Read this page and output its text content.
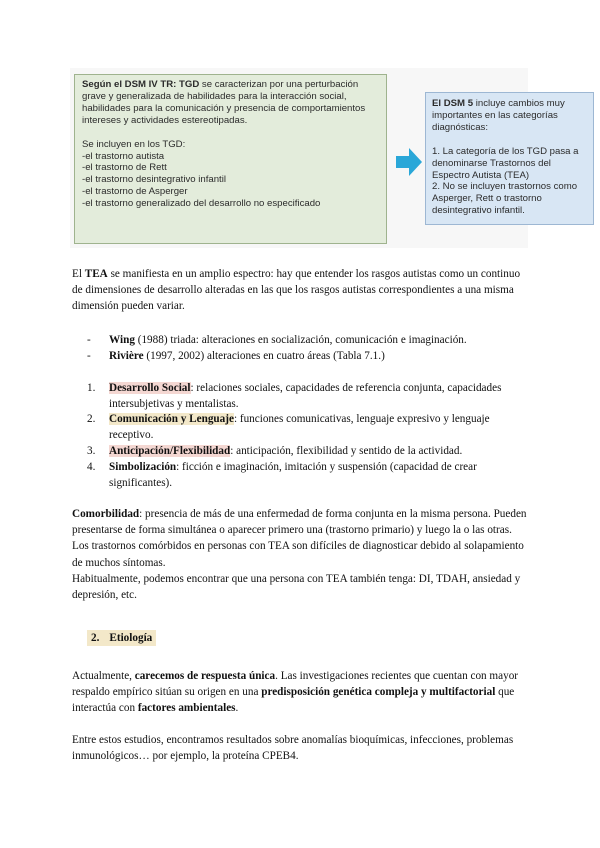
Según el DSM IV TR: TGD se caracterizan por una perturbación grave y generalizada de habilidades para la interacción social, habilidades para la comunicación y presencia de comportamientos intereses y actividades estereotipadas.

Se incluyen en los TGD:

-el trastorno autista

-el trastorno de Rett

-el trastorno desintegrativo infantil

-el trastorno de Asperger

-el trastorno generalizado del desarrollo no especificado

El DSM 5 incluye cambios muy importantes en las categorías diagnósticas:

1. La categoría de los TGD pasa a denominarse Trastornos del Espectro Autista (TEA)

2. No se incluyen trastornos como Asperger, Rett o trastorno desintegrativo infantil.

El TEA se manifiesta en un amplio espectro: hay que entender los rasgos autistas como un continuo de dimensiones de desarrollo alteradas en las que los rasgos autistas correspondientes a una misma dimensión pueden variar.

- Wing (1988) triada: alteraciones en socialización, comunicación e imaginación.

- Rivière (1997, 2002) alteraciones en cuatro áreas (Tabla 7.1.)

1.	Desarrollo Social: relaciones sociales, capacidades de referencia conjunta, capacidades intersubjetivas y mentalistas.
2.	Comunicación y Lenguaje: funciones comunicativas, lenguaje expresivo y lenguaje receptivo.
3.	Anticipación/Flexibilidad: anticipación, flexibilidad y sentido de la actividad.
4.	Simbolización: ficción e imaginación, imitación y suspensión (capacidad de crear significantes).

Comorbilidad: presencia de más de una enfermedad de forma conjunta en la misma persona. Pueden presentarse de forma simultánea o aparecer primero una (trastorno primario) y luego la o las otras.

Los trastornos comórbidos en personas con TEA son difíciles de diagnosticar debido al solapamiento de muchos síntomas.

Habitualmente, podemos encontrar que una persona con TEA también tenga: DI, TDAH, ansiedad y depresión, etc.

2. Etiología

Actualmente, carecemos de respuesta única. Las investigaciones recientes que cuentan con mayor respaldo empírico sitúan su origen en una predisposición genética compleja y multifactorial que interactúa con factores ambientales.

Entre estos estudios, encontramos resultados sobre anomalías bioquímicas, infecciones, problemas inmunológicos… por ejemplo, la proteína CPEB4.
